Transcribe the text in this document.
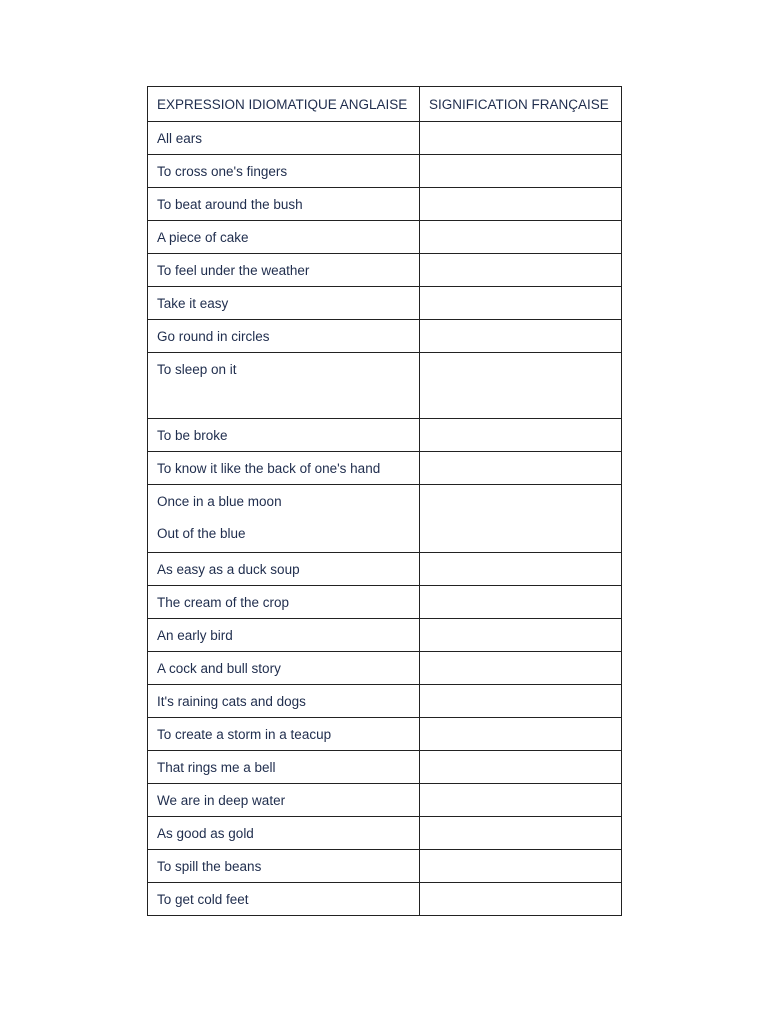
EXPRESSION IDIOMATIQUE ANGLAISE	SIGNIFICATION FRANÇAISE
All ears	
To cross one's fingers	
To beat around the bush	
A piece of cake	
To feel under the weather	
Take it easy	
Go round in circles	
To sleep on it	
To be broke	
To know it like the back of one's hand	
Once in a blue moon
Out of the blue	

As easy as a duck soup	
The cream of the crop	
An early bird	
A cock and bull story	
It's raining cats and dogs	
To create a storm in a teacup	
That rings me a bell	
We are in deep water	
As good as gold	
To spill the beans	
To get cold feet	
